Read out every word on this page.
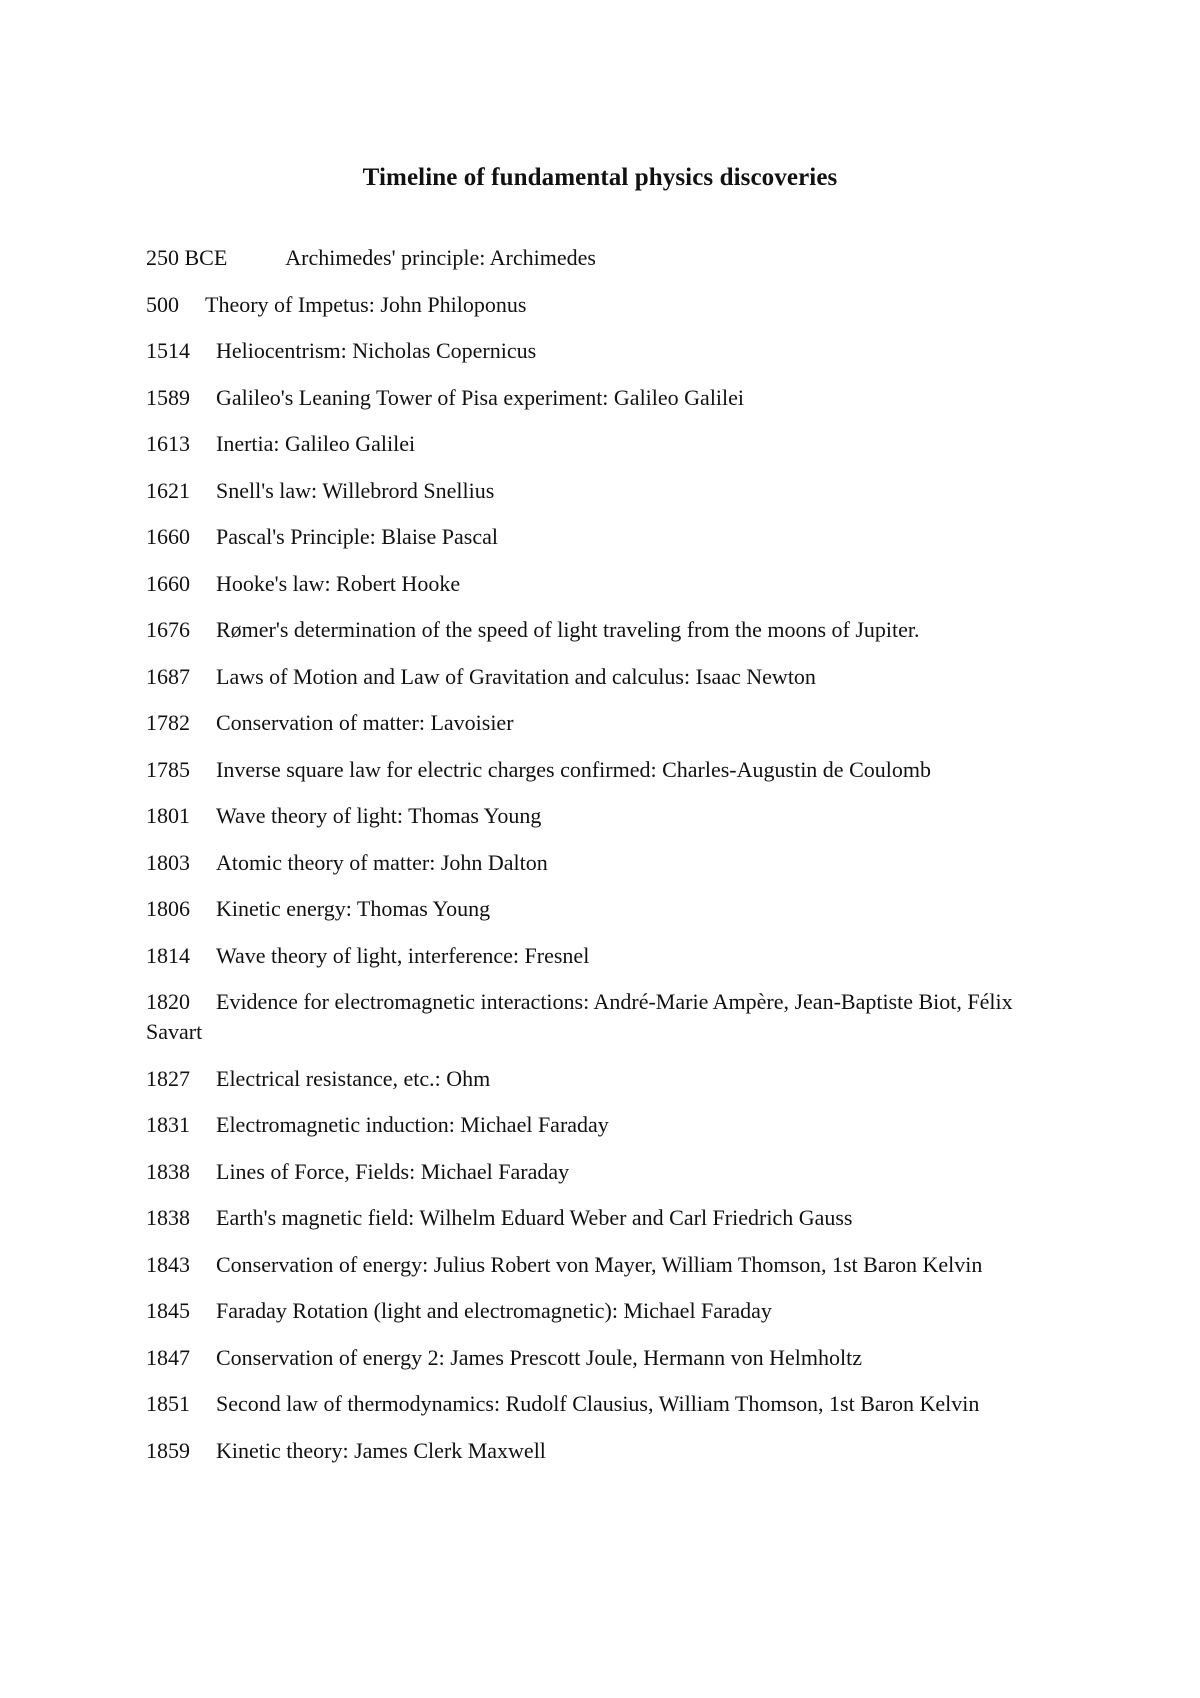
Timeline of fundamental physics discoveries
250 BCE	Archimedes' principle: Archimedes
500 Theory of Impetus: John Philoponus
1514 Heliocentrism: Nicholas Copernicus
1589 Galileo's Leaning Tower of Pisa experiment: Galileo Galilei
1613 Inertia: Galileo Galilei
1621 Snell's law: Willebrord Snellius
1660 Pascal's Principle: Blaise Pascal
1660 Hooke's law: Robert Hooke
1676 Rømer's determination of the speed of light traveling from the moons of Jupiter.
1687 Laws of Motion and Law of Gravitation and calculus: Isaac Newton
1782 Conservation of matter: Lavoisier
1785 Inverse square law for electric charges confirmed: Charles-Augustin de Coulomb
1801 Wave theory of light: Thomas Young
1803 Atomic theory of matter: John Dalton
1806 Kinetic energy: Thomas Young
1814 Wave theory of light, interference: Fresnel
1820 Evidence for electromagnetic interactions: André-Marie Ampère, Jean-Baptiste Biot, Félix Savart
1827 Electrical resistance, etc.: Ohm
1831 Electromagnetic induction: Michael Faraday
1838 Lines of Force, Fields: Michael Faraday
1838 Earth's magnetic field: Wilhelm Eduard Weber and Carl Friedrich Gauss
1843 Conservation of energy: Julius Robert von Mayer, William Thomson, 1st Baron Kelvin
1845 Faraday Rotation (light and electromagnetic): Michael Faraday
1847 Conservation of energy 2: James Prescott Joule, Hermann von Helmholtz
1851 Second law of thermodynamics: Rudolf Clausius, William Thomson, 1st Baron Kelvin
1859 Kinetic theory: James Clerk Maxwell
